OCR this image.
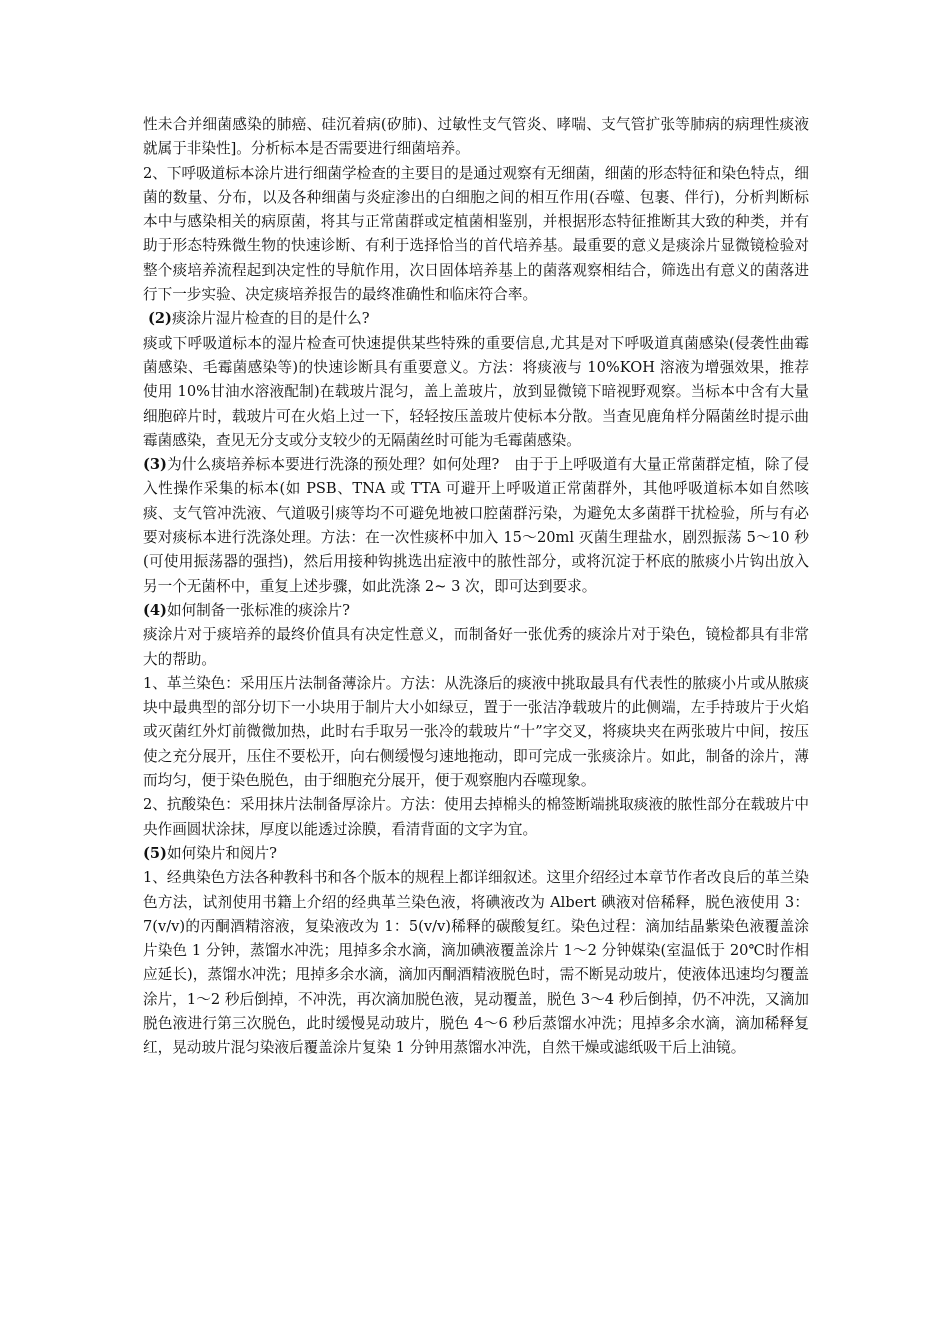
性未合并细菌感染的肺癌、硅沉着病(矽肺)、过敏性支气管炎、哮喘、支气管扩张等肺病的病理性痰液就属于非染性]。分析标本是否需要进行细菌培养。

2、下呼吸道标本涂片进行细菌学检查的主要目的是通过观察有无细菌，细菌的形态特征和染色特点，细菌的数量、分布，以及各种细菌与炎症渗出的白细胞之间的相互作用(吞噬、包裹、伴行)，分析判断标本中与感染相关的病原菌，将其与正常菌群或定植菌相鉴别，并根据形态特征推断其大致的种类，并有助于形态特殊微生物的快速诊断、有利于选择恰当的首代培养基。最重要的意义是痰涂片显微镜检验对整个痰培养流程起到决定性的导航作用，次日固体培养基上的菌落观察相结合，筛选出有意义的菌落进行下一步实验、决定痰培养报告的最终准确性和临床符合率。

(2)痰涂片湿片检查的目的是什么?

痰或下呼吸道标本的湿片检查可快速提供某些特殊的重要信息,尤其是对下呼吸道真菌感染(侵袭性曲霉菌感染、毛霉菌感染等)的快速诊断具有重要意义。方法：将痰液与 10%KOH 溶液为增强效果，推荐使用 10%甘油水溶液配制)在载玻片混匀，盖上盖玻片，放到显微镜下暗视野观察。当标本中含有大量细胞碎片时，载玻片可在火焰上过一下，轻轻按压盖玻片使标本分散。当查见鹿角样分隔菌丝时提示曲霉菌感染，查见无分支或分支较少的无隔菌丝时可能为毛霉菌感染。

(3)为什么痰培养标本要进行洗涤的预处理？如何处理?　由于于上呼吸道有大量正常菌群定植，除了侵入性操作采集的标本(如 PSB、TNA 或 TTA 可避开上呼吸道正常菌群外，其他呼吸道标本如自然咳痰、支气管冲洗液、气道吸引痰等均不可避免地被口腔菌群污染，为避免太多菌群干扰检验，所与有必要对痰标本进行洗涤处理。方法：在一次性痰杯中加入 15～20ml 灭菌生理盐水，剧烈振荡 5～10 秒(可使用振荡器的强挡)，然后用接种钩挑选出症液中的脓性部分，或将沉淀于杯底的脓痰小片钩出放入另一个无菌杯中，重复上述步骤，如此洗涤 2~ 3 次，即可达到要求。

(4)如何制备一张标准的痰涂片?

痰涂片对于痰培养的最终价值具有决定性意义，而制备好一张优秀的痰涂片对于染色，镜检都具有非常大的帮助。

1、革兰染色：采用压片法制备薄涂片。方法：从洗涤后的痰液中挑取最具有代表性的脓痰小片或从脓痰块中最典型的部分切下一小块用于制片大小如绿豆，置于一张洁净载玻片的此侧端，左手持玻片于火焰或灭菌红外灯前微微加热，此时右手取另一张冷的载玻片“十”字交叉，将痰块夹在两张玻片中间，按压使之充分展开，压住不要松开，向右侧缓慢匀速地拖动，即可完成一张痰涂片。如此，制备的涂片，薄而均匀，便于染色脱色，由于细胞充分展开，便于观察胞内吞噬现象。

2、抗酸染色：采用抹片法制备厚涂片。方法：使用去掉棉头的棉签断端挑取痰液的脓性部分在载玻片中央作画圆状涂抹，厚度以能透过涂膜，看清背面的文字为宜。

(5)如何染片和阅片?

1、经典染色方法各种教科书和各个版本的规程上都详细叙述。这里介绍经过本章节作者改良后的革兰染色方法，试剂使用书籍上介绍的经典革兰染色液，将碘液改为 Albert 碘液对倍稀释，脱色液使用 3：7(v/v)的丙酮酒精溶液，复染液改为 1：5(v/v)稀释的碳酸复红。染色过程：滴加结晶紫染色液覆盖涂片染色 1 分钟，蒸馏水冲洗；甩掉多余水滴，滴加碘液覆盖涂片 1～2 分钟媒染(室温低于 20℃时作相应延长)，蒸馏水冲洗；甩掉多余水滴，滴加丙酮酒精液脱色时，需不断晃动玻片，使液体迅速均匀覆盖涂片，1～2 秒后倒掉，不冲洗，再次滴加脱色液，晃动覆盖，脱色 3～4 秒后倒掉，仍不冲洗，又滴加脱色液进行第三次脱色，此时缓慢晃动玻片，脱色 4～6 秒后蒸馏水冲洗；甩掉多余水滴，滴加稀释复红，晃动玻片混匀染液后覆盖涂片复染 1 分钟用蒸馏水冲洗，自然干燥或滤纸吸干后上油镜。
